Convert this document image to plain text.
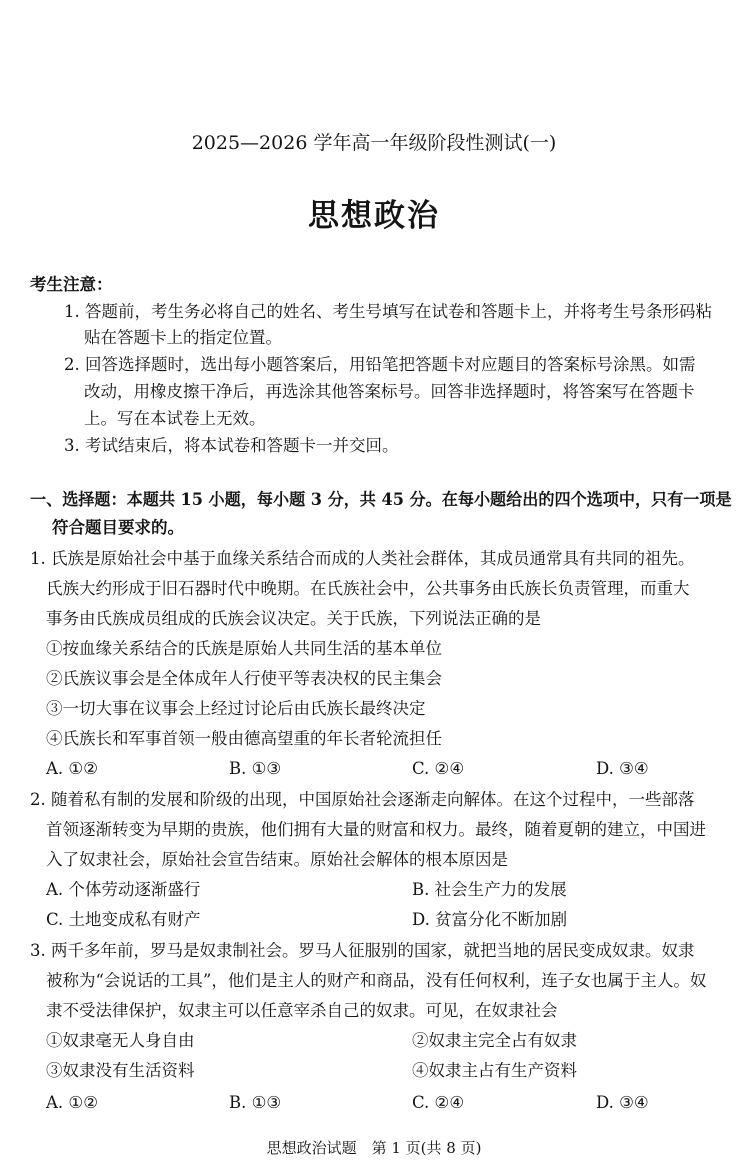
2025—2026 学年高一年级阶段性测试(一)
思想政治
考生注意：
1. 答题前，考生务必将自己的姓名、考生号填写在试卷和答题卡上，并将考生号条形码粘
贴在答题卡上的指定位置。
2. 回答选择题时，选出每小题答案后，用铅笔把答题卡对应题目的答案标号涂黑。如需
改动，用橡皮擦干净后，再选涂其他答案标号。回答非选择题时，将答案写在答题卡
上。写在本试卷上无效。
3. 考试结束后，将本试卷和答题卡一并交回。
一、选择题：本题共 15 小题，每小题 3 分，共 45 分。在每小题给出的四个选项中，只有一项是
符合题目要求的。
1. 氏族是原始社会中基于血缘关系结合而成的人类社会群体，其成员通常具有共同的祖先。
氏族大约形成于旧石器时代中晚期。在氏族社会中，公共事务由氏族长负责管理，而重大
事务由氏族成员组成的氏族会议决定。关于氏族，下列说法正确的是
①按血缘关系结合的氏族是原始人共同生活的基本单位
②氏族议事会是全体成年人行使平等表决权的民主集会
③一切大事在议事会上经过讨论后由氏族长最终决定
④氏族长和军事首领一般由德高望重的年长者轮流担任
A. ①②	B. ①③	C. ②④	D. ③④
2. 随着私有制的发展和阶级的出现，中国原始社会逐渐走向解体。在这个过程中，一些部落
首领逐渐转变为早期的贵族，他们拥有大量的财富和权力。最终，随着夏朝的建立，中国进
入了奴隶社会，原始社会宣告结束。原始社会解体的根本原因是
A. 个体劳动逐渐盛行	B. 社会生产力的发展
C. 土地变成私有财产	D. 贫富分化不断加剧
3. 两千多年前，罗马是奴隶制社会。罗马人征服别的国家，就把当地的居民变成奴隶。奴隶
被称为“会说话的工具”，他们是主人的财产和商品，没有任何权利，连子女也属于主人。奴
隶不受法律保护，奴隶主可以任意宰杀自己的奴隶。可见，在奴隶社会
①奴隶毫无人身自由	②奴隶主完全占有奴隶
③奴隶没有生活资料	④奴隶主占有生产资料
A. ①②	B. ①③	C. ②④	D. ③④
思想政治试题　第 1 页(共 8 页)
